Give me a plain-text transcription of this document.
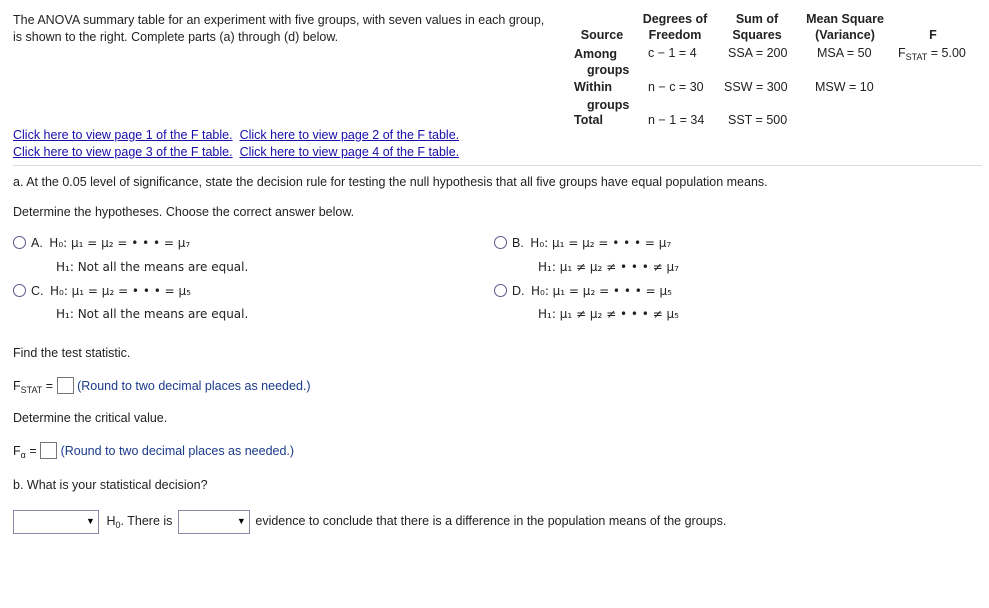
The ANOVA summary table for an experiment with five groups, with seven values in each group,
is shown to the right. Complete parts (a) through (d) below.	Source
Degrees of
Freedom
Sum of
Squares
Mean Square
(Variance)	F
Among
groups
c − 1 = 4	SSA = 200 MSA = 50 $F_{STAT} = 5.00$
Within
groups
n − c = 30 SSW = 300 MSW = 10
Total	n − 1 = 34 SST = 500
Click here to view page 1 of the F table. Click here to view page 2 of the F table.
Click here to view page 3 of the F table. Click here to view page 4 of the F table.
a. At the 0.05 level of significance, state the decision rule for testing the null hypothesis that all five groups have equal population means.
Determine the hypotheses. Choose the correct answer below.
A. H₀: μ₁ = μ₂ = • • • = μ₇
H₁: Not all the means are equal.
B. H₀: μ₁ = μ₂ = • • • = μ₇
H₁: μ₁ ≠ μ₂ ≠ • • • ≠ μ₇
C. H₀: μ₁ = μ₂ = • • • = μ₅
H₁: Not all the means are equal.
D. H₀: μ₁ = μ₂ = • • • = μ₅
H₁: μ₁ ≠ μ₂ ≠ • • • ≠ μ₅
Find the test statistic.
$F_{STAT}$ = (Round to two decimal places as needed.)
Determine the critical value.
$F_\alpha$ = (Round to two decimal places as needed.)
b. What is your statistical decision?
▼ $H_0$. There is	▼ evidence to conclude that there is a difference in the population means of the groups.
